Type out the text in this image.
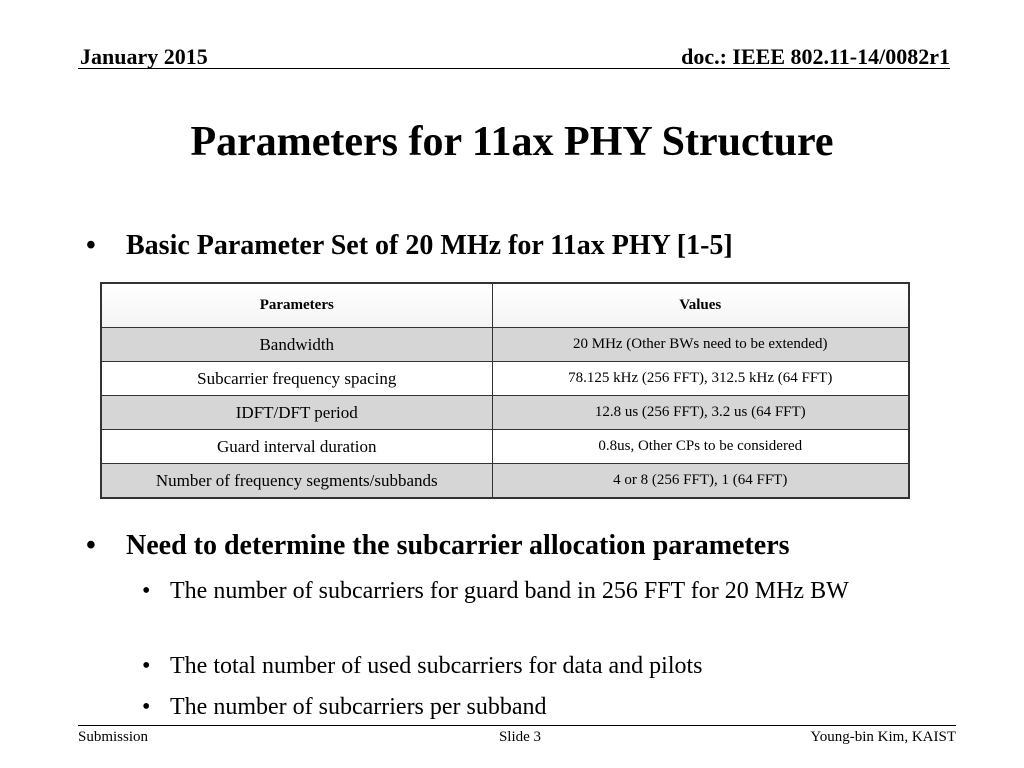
January 2015	doc.: IEEE 802.11-14/0082r1
Parameters for 11ax PHY Structure
• Basic Parameter Set of 20 MHz for 11ax PHY [1-5]
Parameters	Values
Bandwidth	20 MHz (Other BWs need to be extended)
Subcarrier frequency spacing	78.125 kHz (256 FFT), 312.5 kHz (64 FFT)
IDFT/DFT period	12.8 us (256 FFT), 3.2 us (64 FFT)
Guard interval duration	0.8us, Other CPs to be considered
Number of frequency segments/subbands	4 or 8 (256 FFT), 1 (64 FFT)
• Need to determine the subcarrier allocation parameters
• The number of subcarriers for guard band in 256 FFT for 20 MHz BW
• The total number of used subcarriers for data and pilots
• The number of subcarriers per subband
Submission	Slide 3	Young-bin Kim, KAIST
